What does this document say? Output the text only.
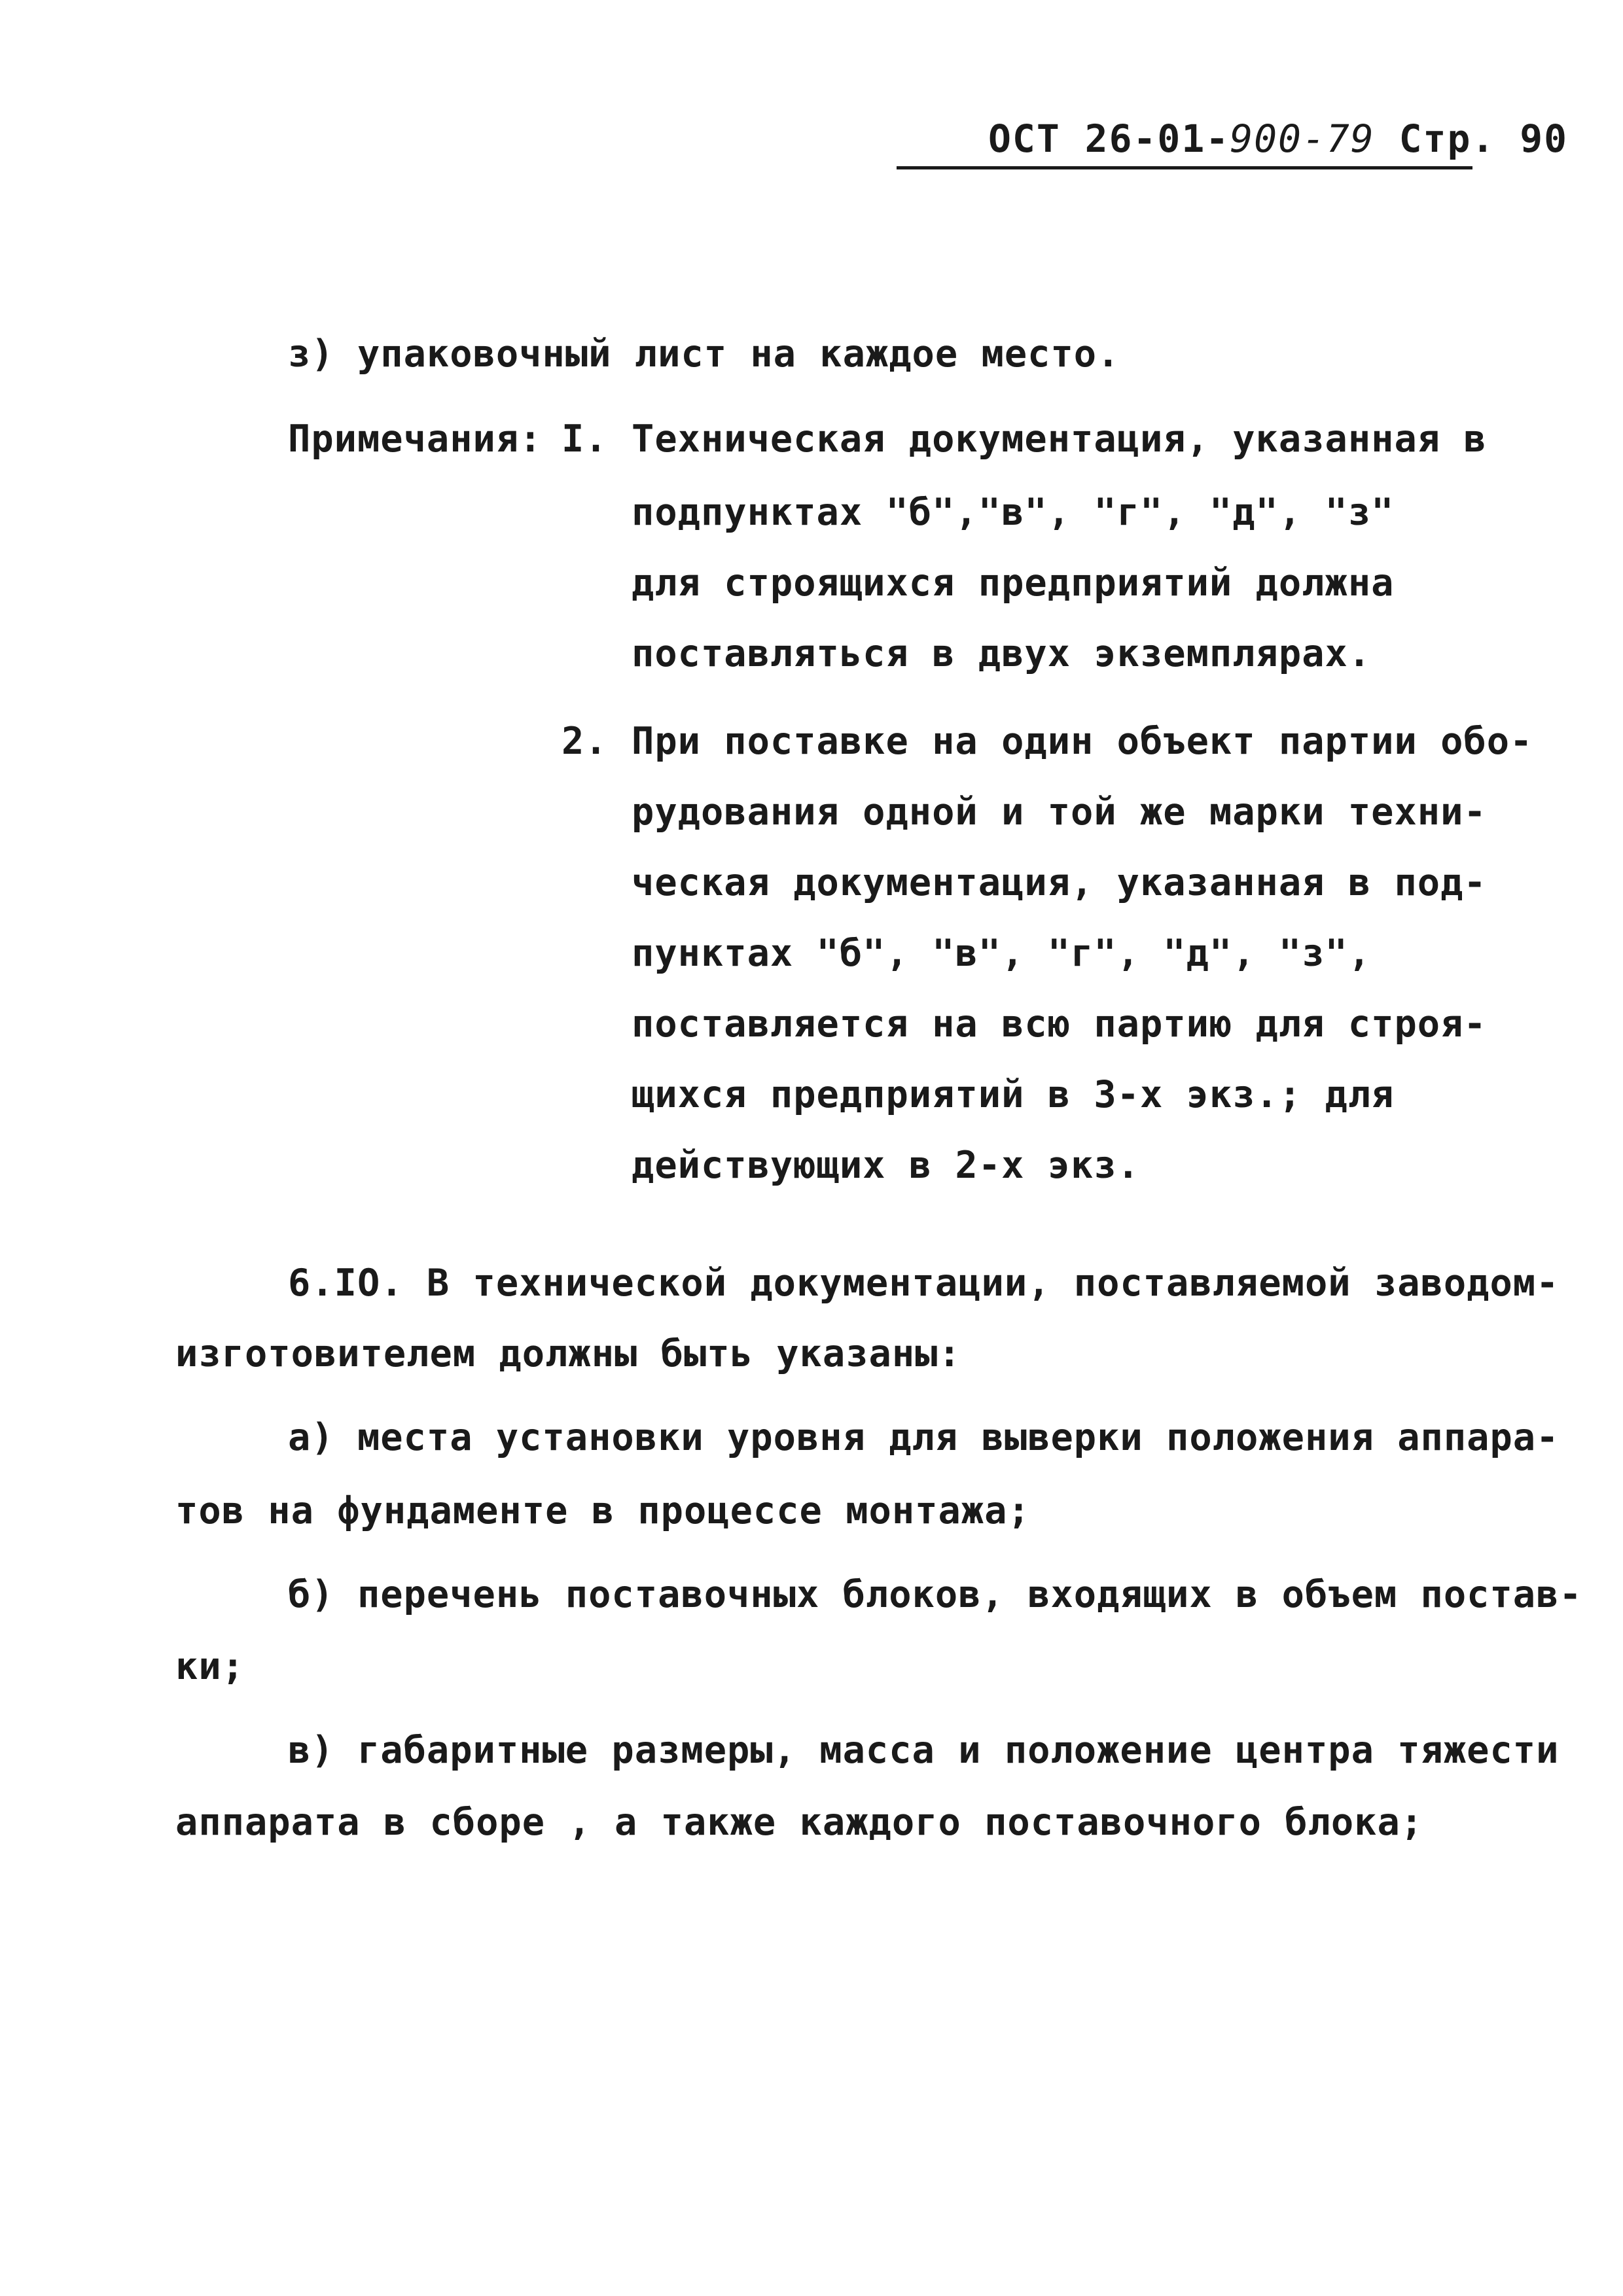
ОСТ 26-01-900-79 Стр. 90
з) упаковочный лист на каждое место.
Примечания: I. Техническая документация, указанная в
подпунктах "б","в", "г", "д", "з"
для строящихся предприятий должна
поставляться в двух экземплярах.
2. При поставке на один объект партии обо-
рудования одной и той же марки техни-
ческая документация, указанная в под-
пунктах "б", "в", "г", "д", "з",
поставляется на всю партию для строя-
щихся предприятий в 3-х экз.; для
действующих в 2-х экз.
6.IO. В технической документации, поставляемой заводом-
изготовителем должны быть указаны:
а) места установки уровня для выверки положения аппара-
тов на фундаменте в процессе монтажа;
б) перечень поставочных блоков, входящих в объем постав-
ки;
в) габаритные размеры, масса и положение центра тяжести
аппарата в сборе , а также каждого поставочного блока;
